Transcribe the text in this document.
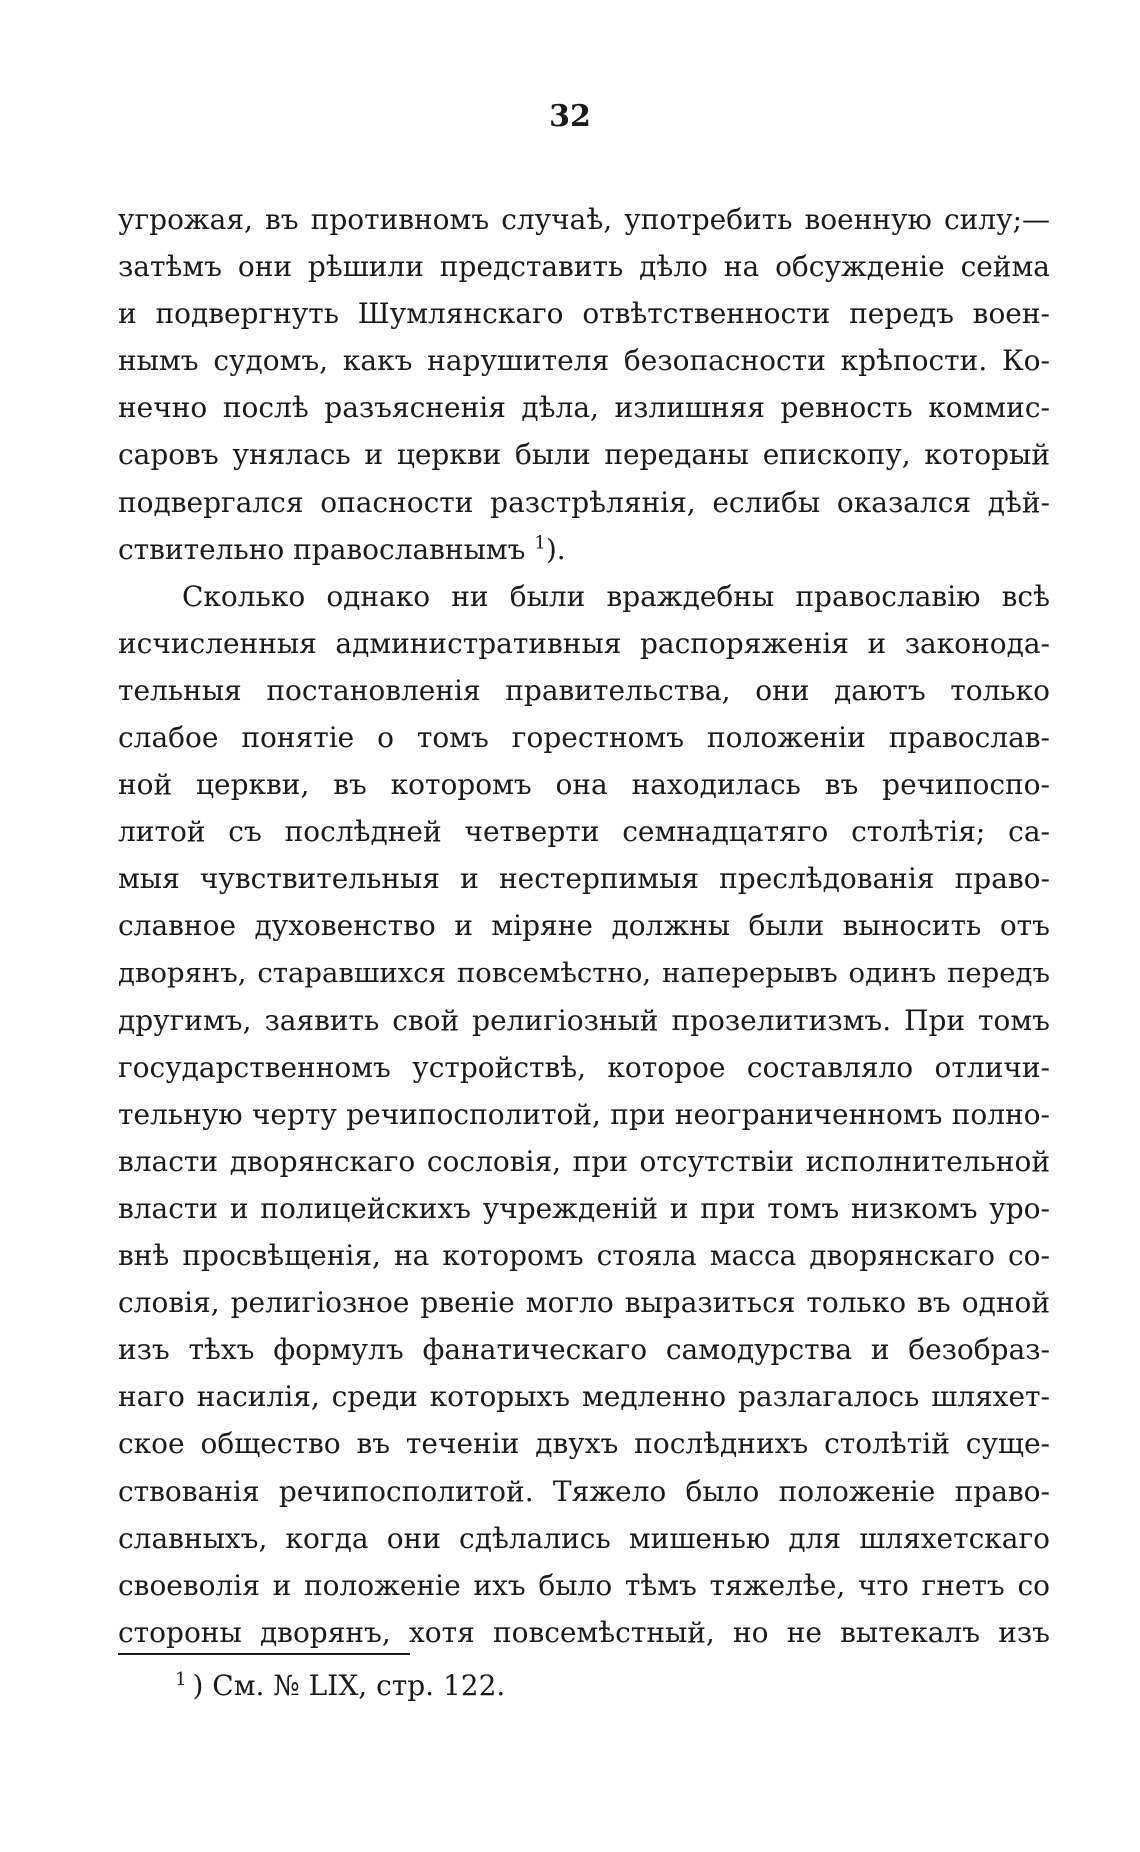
32
угрожая, въ противномъ случаѣ, употребить военную силу;—
затѣмъ они рѣшили представить дѣло на обсужденіе сейма
и подвергнуть Шумлянскаго отвѣтственности передъ воен-
нымъ судомъ, какъ нарушителя безопасности крѣпости. Ко-
нечно послѣ разъясненія дѣла, излишняя ревность коммис-
саровъ унялась и церкви были переданы епископу, который
подвергался опасности разстрѣлянія, еслибы оказался дѣй-
ствительно православнымъ $^1$).
Сколько однако ни были враждебны православію всѣ
исчисленныя административныя распоряженія и законода-
тельныя постановленія правительства, они даютъ только
слабое понятіе о томъ горестномъ положеніи православ-
ной церкви, въ которомъ она находилась въ речипоспо-
литой съ послѣдней четверти семнадцатяго столѣтія; са-
мыя чувствительныя и нестерпимыя преслѣдованія право-
славное духовенство и міряне должны были выносить отъ
дворянъ, старавшихся повсемѣстно, наперерывъ одинъ передъ
другимъ, заявить свой религіозный прозелитизмъ. При томъ
государственномъ устройствѣ, которое составляло отличи-
тельную черту речипосполитой, при неограниченномъ полно-
власти дворянскаго сословія, при отсутствіи исполнительной
власти и полицейскихъ учрежденій и при томъ низкомъ уро-
внѣ просвѣщенія, на которомъ стояла масса дворянскаго со-
словія, религіозное рвеніе могло выразиться только въ одной
изъ тѣхъ формулъ фанатическаго самодурства и безобраз-
наго насилія, среди которыхъ медленно разлагалось шляхет-
ское общество въ теченіи двухъ послѣднихъ столѣтій суще-
ствованія речипосполитой. Тяжело было положеніе право-
славныхъ, когда они сдѣлались мишенью для шляхетскаго
своеволія и положеніе ихъ было тѣмъ тяжелѣе, что гнетъ со
стороны дворянъ, хотя повсемѣстный, но не вытекалъ изъ
$^1$ ) См. № LIX, стр. 122.
